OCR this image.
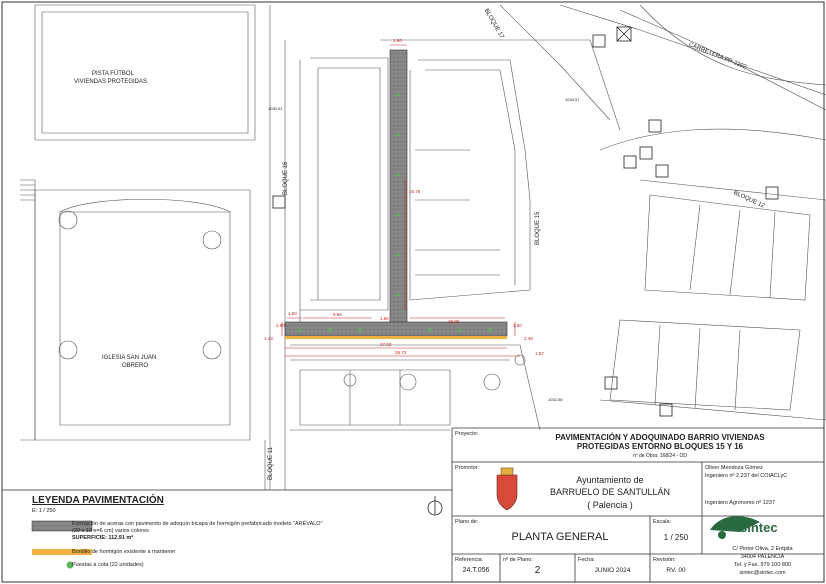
PISTA FÚTBOL
VIVIENDAS PROTEGIDAS
IGLESIA SAN JUAN
OBRERO
BLOQUE 16
BLOQUE 15
BLOQUE 11
BLOQUE 12
BLOQUE 17
CARRETERA PP-2202
1030.01
1034.57
1032.56
1.60
1.60
1.60
1.60
9.66
15.05
27.03
29.73
2.60
1.13
1.57
2.49
16.76
LEYENDA PAVIMENTACIÓN
E: 1 / 250
Formación de aceras con pavimento de adoquín bicapa de hormigón prefabricado modelo "ARÉVALO"
(20 x 10 e=6 cm) varios colores
SUPERFICIE: 112,91 m²
Bordillo de hormigón existente a mantener
Puestas a cota (22 unidades)
Proyecto:	PAVIMENTACIÓN Y ADOQUINADO BARRIO VIVIENDAS
PROTEGIDAS ENTORNO BLOQUES 15 Y 16
nº de Obra: 168/24 - OD
Promotor:
Ayuntamiento de
BARRUELO DE SANTULLÁN
( Palencia )
Oliver Mendoza Gómez
Ingeniero nº 2.237 del COIACLyC
Ingeniero Agrónomo nº 1237
sintec
C/ Pintor Oliva, 2 Entpita
34004 PALENCIA
Tel. y Fax. 979 100 800
sintec@sintec.com
Plano de:
PLANTA GENERAL
Escala:
1 / 250
Referencia:
24.T.056
nº de Plano:
2
Fecha:
JUNIO 2024
Revisión:
RV. 00
